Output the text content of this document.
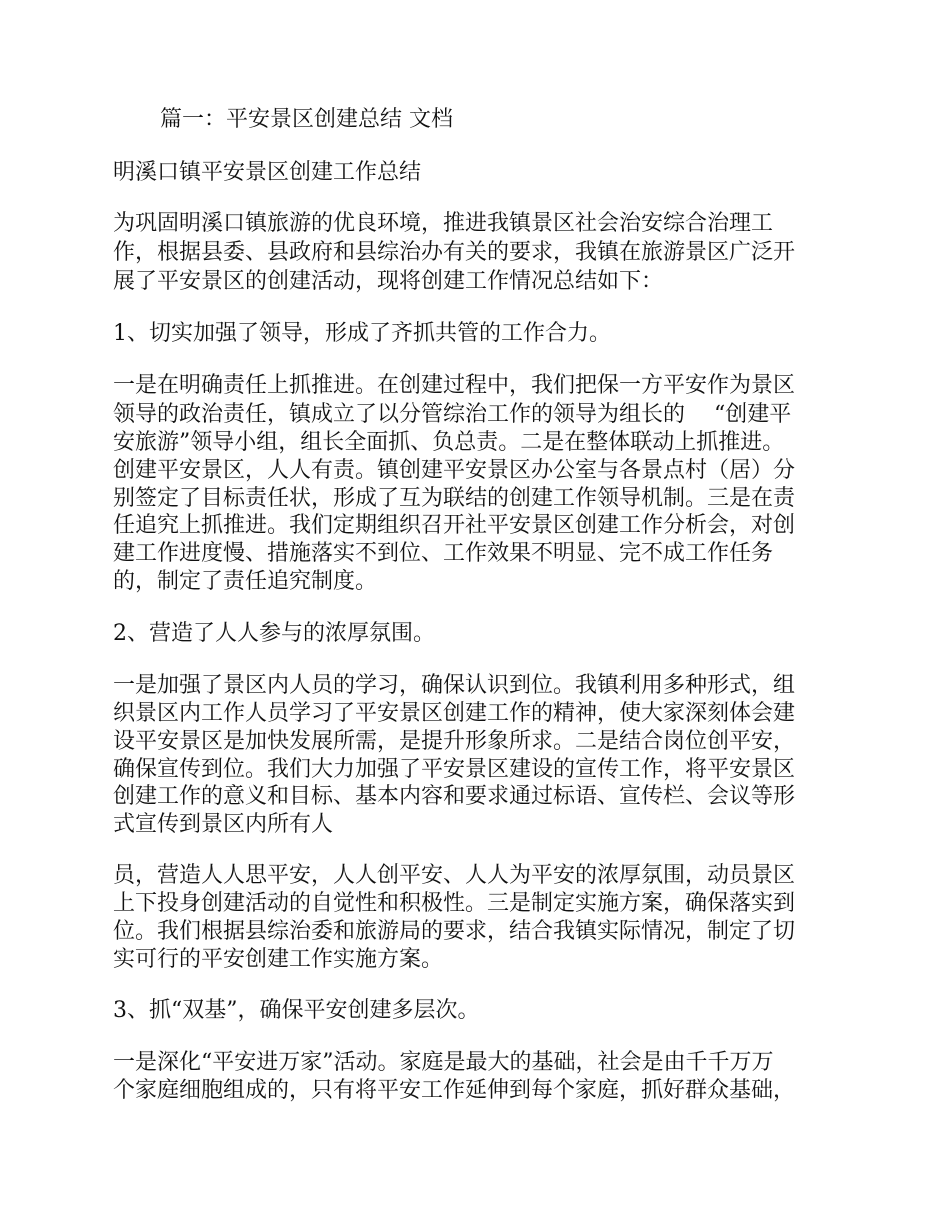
篇一：平安景区创建总结 文档
明溪口镇平安景区创建工作总结
为巩固明溪口镇旅游的优良环境，推进我镇景区社会治安综合治理工
作，根据县委、县政府和县综治办有关的要求，我镇在旅游景区广泛开
展了平安景区的创建活动，现将创建工作情况总结如下：
1、切实加强了领导，形成了齐抓共管的工作合力。
一是在明确责任上抓推进。在创建过程中，我们把保一方平安作为景区
领导的政治责任，镇成立了以分管综治工作的领导为组长的　 “创建平
安旅游”领导小组，组长全面抓、负总责。二是在整体联动上抓推进。
创建平安景区，人人有责。镇创建平安景区办公室与各景点村（居）分
别签定了目标责任状，形成了互为联结的创建工作领导机制。三是在责
任追究上抓推进。我们定期组织召开社平安景区创建工作分析会，对创
建工作进度慢、措施落实不到位、工作效果不明显、完不成工作任务
的，制定了责任追究制度。
2、营造了人人参与的浓厚氛围。
一是加强了景区内人员的学习，确保认识到位。我镇利用多种形式，组
织景区内工作人员学习了平安景区创建工作的精神，使大家深刻体会建
设平安景区是加快发展所需，是提升形象所求。二是结合岗位创平安，
确保宣传到位。我们大力加强了平安景区建设的宣传工作，将平安景区
创建工作的意义和目标、基本内容和要求通过标语、宣传栏、会议等形
式宣传到景区内所有人
员，营造人人思平安，人人创平安、人人为平安的浓厚氛围，动员景区
上下投身创建活动的自觉性和积极性。三是制定实施方案，确保落实到
位。我们根据县综治委和旅游局的要求，结合我镇实际情况，制定了切
实可行的平安创建工作实施方案。
3、抓“双基”，确保平安创建多层次。
一是深化“平安进万家”活动。家庭是最大的基础，社会是由千千万万
个家庭细胞组成的，只有将平安工作延伸到每个家庭，抓好群众基础，
